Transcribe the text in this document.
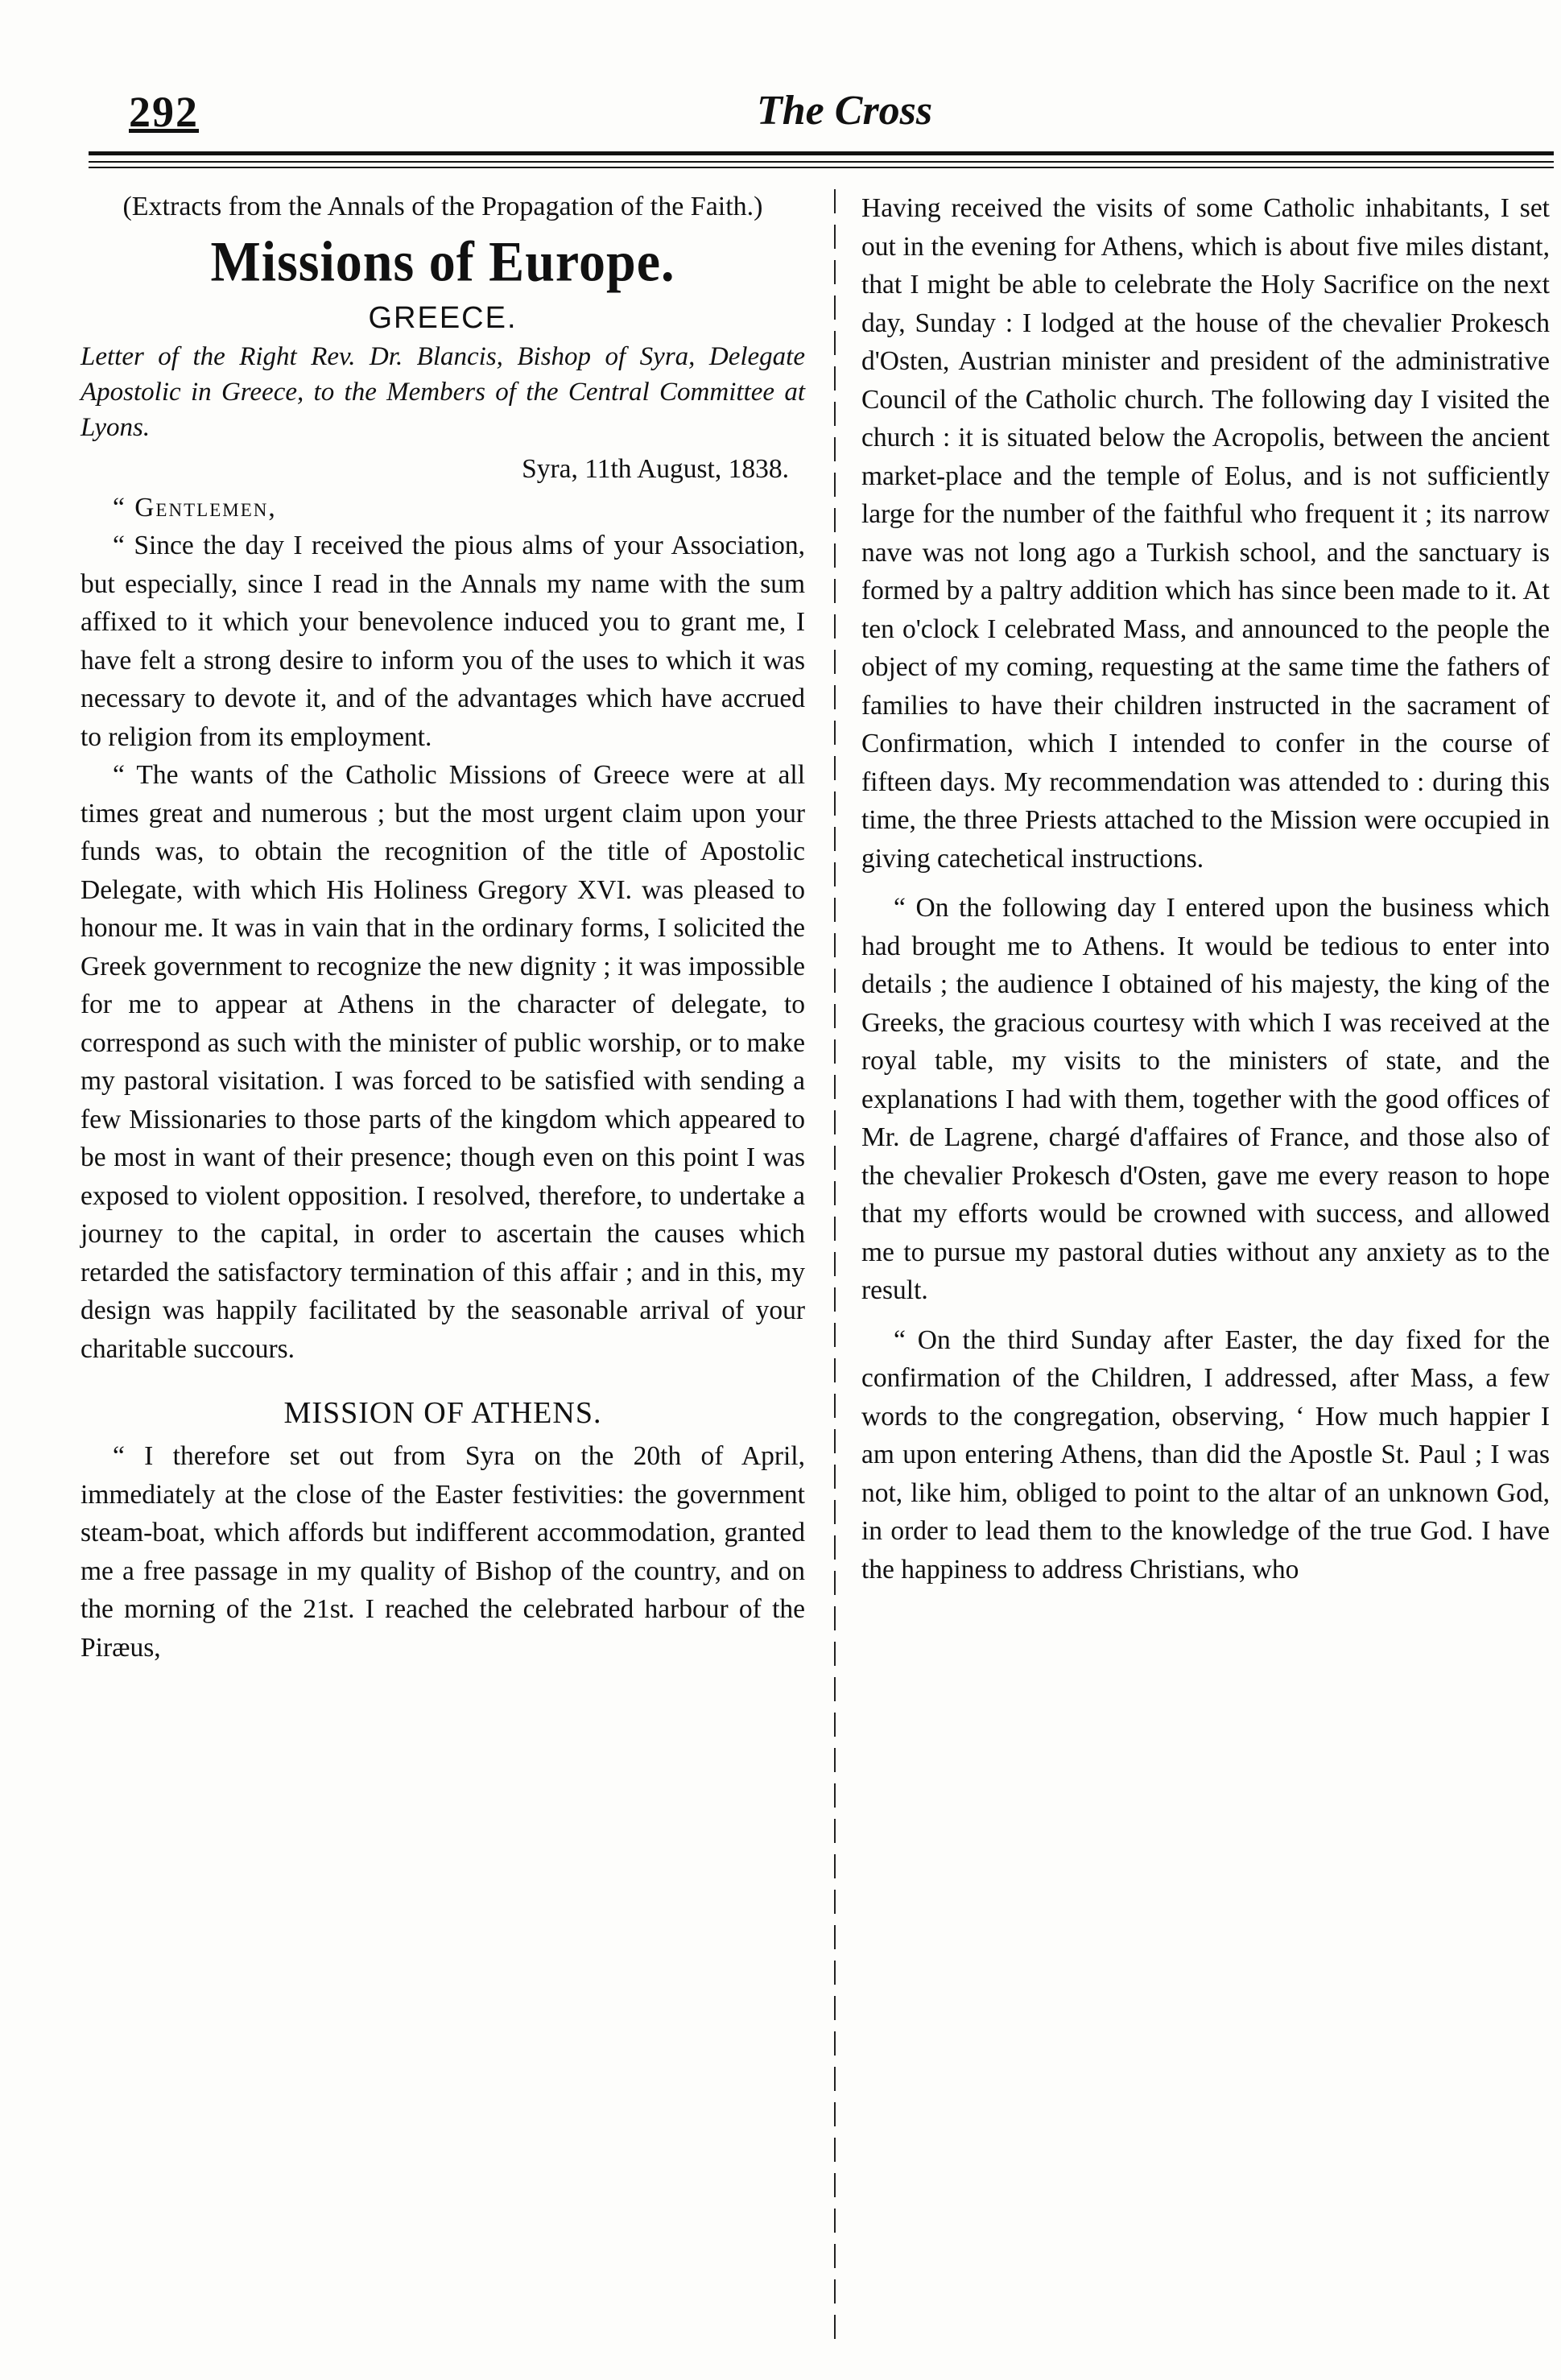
292	The Cross

(Extracts from the Annals of the Propagation of the Faith.)

Missions of Europe.

GREECE.

Letter of the Right Rev. Dr. Blancis, Bishop of Syra, Delegate Apostolic in Greece, to the Members of the Central Committee at Lyons.

Syra, 11th August, 1838.

“ Gentlemen,

“ Since the day I received the pious alms of your Association, but especially, since I read in the Annals my name with the sum affixed to it which your benevolence induced you to grant me, I have felt a strong desire to inform you of the uses to which it was necessary to devote it, and of the advantages which have accrued to religion from its employment.

“ The wants of the Catholic Missions of Greece were at all times great and numerous ; but the most urgent claim upon your funds was, to obtain the recognition of the title of Apostolic Delegate, with which His Holiness Gregory XVI. was pleased to honour me. It was in vain that in the ordinary forms, I solicited the Greek government to recognize the new dignity ; it was impossible for me to appear at Athens in the character of delegate, to correspond as such with the minister of public worship, or to make my pastoral visitation. I was forced to be satisfied with sending a few Missionaries to those parts of the kingdom which appeared to be most in want of their presence; though even on this point I was exposed to violent opposition. I resolved, therefore, to undertake a journey to the capital, in order to ascertain the causes which retarded the satisfactory termination of this affair ; and in this, my design was happily facilitated by the seasonable arrival of your charitable succours.

MISSION OF ATHENS.

“ I therefore set out from Syra on the 20th of April, immediately at the close of the Easter festivities: the government steam-boat, which affords but indifferent accommodation, granted me a free passage in my quality of Bishop of the country, and on the morning of the 21st. I reached the celebrated harbour of the Piræus,

Having received the visits of some Catholic inhabitants, I set out in the evening for Athens, which is about five miles distant, that I might be able to celebrate the Holy Sacrifice on the next day, Sunday : I lodged at the house of the chevalier Prokesch d'Osten, Austrian minister and president of the administrative Council of the Catholic church. The following day I visited the church : it is situated below the Acropolis, between the ancient market-place and the temple of Eolus, and is not sufficiently large for the number of the faithful who frequent it ; its narrow nave was not long ago a Turkish school, and the sanctuary is formed by a paltry addition which has since been made to it. At ten o'clock I celebrated Mass, and announced to the people the object of my coming, requesting at the same time the fathers of families to have their children instructed in the sacrament of Confirmation, which I intended to confer in the course of fifteen days. My recommendation was attended to : during this time, the three Priests attached to the Mission were occupied in giving catechetical instructions.

“ On the following day I entered upon the business which had brought me to Athens. It would be tedious to enter into details ; the audience I obtained of his majesty, the king of the Greeks, the gracious courtesy with which I was received at the royal table, my visits to the ministers of state, and the explanations I had with them, together with the good offices of Mr. de Lagrene, chargé d'affaires of France, and those also of the chevalier Prokesch d'Osten, gave me every reason to hope that my efforts would be crowned with success, and allowed me to pursue my pastoral duties without any anxiety as to the result.

“ On the third Sunday after Easter, the day fixed for the confirmation of the Children, I addressed, after Mass, a few words to the congregation, observing, ‘ How much happier I am upon entering Athens, than did the Apostle St. Paul ; I was not, like him, obliged to point to the altar of an unknown God, in order to lead them to the knowledge of the true God. I have the happiness to address Christians, who
